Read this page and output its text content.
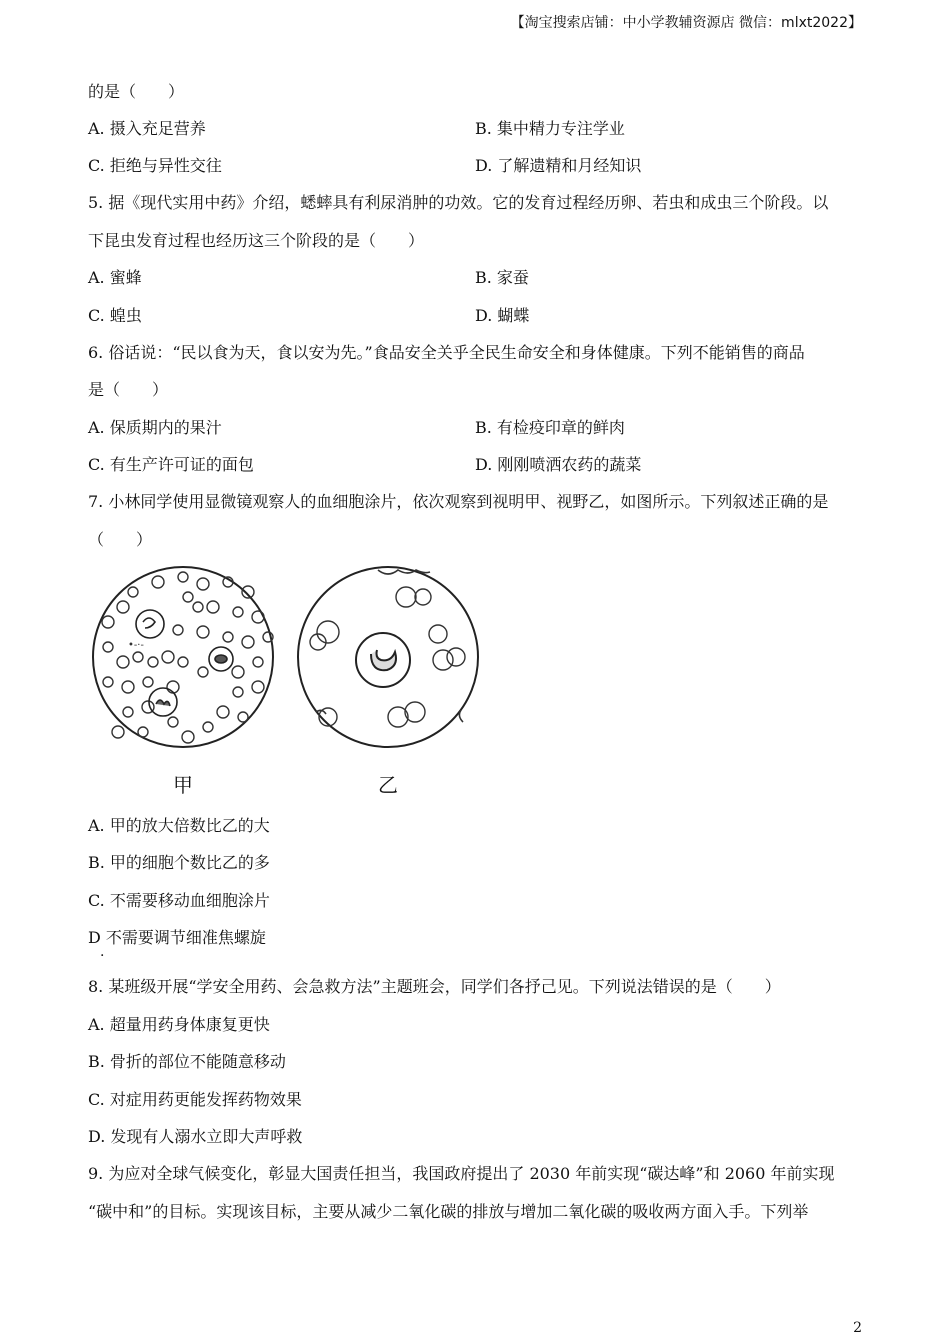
【淘宝搜索店铺：中小学教辅资源店 微信：mlxt2022】
的是（　　）
A. 摄入充足营养	B. 集中精力专注学业
C. 拒绝与异性交往	D. 了解遗精和月经知识
5. 据《现代实用中药》介绍，蟋蟀具有利尿消肿的功效。它的发育过程经历卵、若虫和成虫三个阶段。以
下昆虫发育过程也经历这三个阶段的是（　　）
A. 蜜蜂	B. 家蚕
C. 蝗虫	D. 蝴蝶
6. 俗话说：“民以食为天，食以安为先。”食品安全关乎全民生命安全和身体健康。下列不能销售的商品
是（　　）
A. 保质期内的果汁	B. 有检疫印章的鲜肉
C. 有生产许可证的面包	D. 刚刚喷洒农药的蔬菜
7. 小林同学使用显微镜观察人的血细胞涂片，依次观察到视明甲、视野乙，如图所示。下列叙述正确的是
（　　）
•-·-
甲	乙
A. 甲的放大倍数比乙的大
B. 甲的细胞个数比乙的多
C. 不需要移动血细胞涂片
D 不需要调节细准焦螺旋
·
8. 某班级开展“学安全用药、会急救方法”主题班会，同学们各抒己见。下列说法错误的是（　　）
A. 超量用药身体康复更快
B. 骨折的部位不能随意移动
C. 对症用药更能发挥药物效果
D. 发现有人溺水立即大声呼救
9. 为应对全球气候变化，彰显大国责任担当，我国政府提出了 2030 年前实现“碳达峰”和 2060 年前实现
“碳中和”的目标。实现该目标，主要从减少二氧化碳的排放与增加二氧化碳的吸收两方面入手。下列举
2
